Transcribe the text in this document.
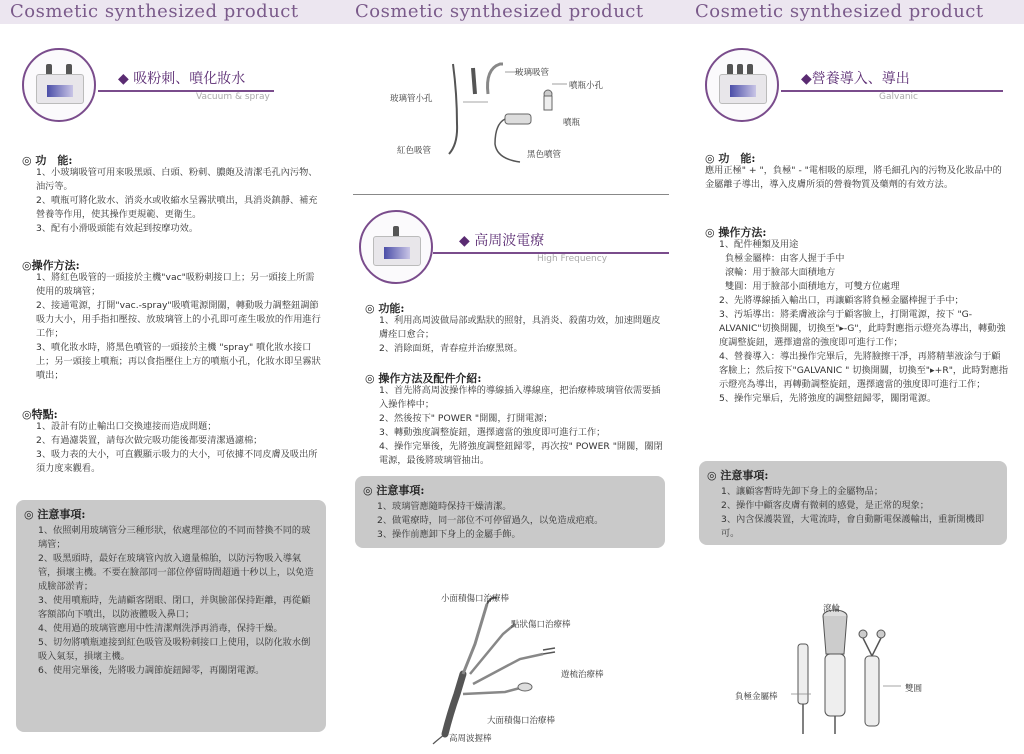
Cosmetic synthesized product	Cosmetic synthesized product	Cosmetic synthesized product
◆ 吸粉刺、噴化妝水
Vacuum & spray
◎ 功　能:
1、小玻璃吸管可用來吸黑頭、白頭、粉刺、膿皰及清潔毛孔內污物、油污等。
2、噴瓶可將化妝水、消炎水或收縮水呈霧狀噴出，具消炎鎮靜、補充營養等作用，使其操作更規範、更衛生。
3、配有小滑吸頭能有效起到按摩功效。
◎操作方法:
1、將紅色吸管的一頭接於主機"vac"吸粉刺接口上；另一頭接上所需使用的玻璃管；
2、接通電源，打開"vac.-spray"吸噴電源開關，轉動吸力調整鈕調節吸力大小，用手指扣壓按、放玻璃管上的小孔即可產生吸放的作用進行工作；
3、噴化妝水時，將黑色噴管的一頭接於主機 "spray" 噴化妝水接口上；另一頭接上噴瓶；再以食指壓住上方的噴瓶小孔，化妝水即呈霧狀噴出；
◎特點:
1、設計有防止輸出口交換連接而造成問題；
2、有過濾裝置，請每次做完吸功能後都要清潔過濾棉；
3、吸力表的大小，可直觀顯示吸力的大小，可依據不同皮膚及吸出所須力度來觀看。
◎ 注意事項:
1、依照刺用玻璃管分三種形狀，依處理部位的不同而替換不同的玻璃管；
2、吸黑頭時，最好在玻璃管內放入適量棉胎，以防污物吸入導氣管，損壞主機。不要在臉部同一部位停留時間超過十秒以上，以免造成臉部淤青；
3、使用噴瓶時，先請顧客閉眼、閉口，并與臉部保持距離，再從顧客額部向下噴出，以防液體吸入鼻口；
4、使用過的玻璃管應用中性清潔劑洗淨再消毒，保持干燥。
5、切勿將噴瓶連接到紅色吸管及吸粉刺接口上使用，以防化妝水倒吸入氣泵，損壞主機。
6、使用完畢後，先將吸力調節旋鈕歸零，再關閉電源。
玻璃吸管
玻璃管小孔
噴瓶小孔
噴瓶
紅色吸管	黑色噴管
◆ 高周波電療
High Frequency
◎ 功能:
1、利用高周波做局部或點狀的照射，具消炎、殺菌功效，加速問題皮膚痊口愈合；
2、消除面斑，青春痘并治療黑斑。
◎ 操作方法及配件介紹:
1、首先將高周波操作棒的導線插入導線座，把治療棒玻璃管依需要插入操作棒中；
2、然後按下" POWER "開關，打開電源；
3、轉動強度調整旋鈕，選擇適當的強度即可進行工作；
4、操作完畢後，先將強度調整鈕歸零，再次按" POWER "開關，關閉電源，最後將玻璃管抽出。
◎ 注意事項:
1、玻璃管應隨時保持干燥清潔。
2、做電療時，同一部位不可停留過久，以免造成疤痕。
3、操作前應卸下身上的金屬手飾。
小面積傷口治療棒
點狀傷口治療棒
遊梳治療棒
大面積傷口治療棒
高周波握棒
◆營養導入、導出
Galvanic
◎ 功　能:
應用正極" + "，負極" - "電相吸的原理，將毛細孔內的污物及化妝品中的金屬離子導出，導入皮膚所須的營養物質及藥劑的有效方法。
◎ 操作方法:
1、配件種類及用途
負極金屬棒：由客人握于手中
滾輪：用于臉部大面積地方
雙圓：用于臉部小面積地方，可雙方位處理
2、先將導線插入輸出口，再讓顧客將負極金屬棒握于手中；
3、汚垢導出：將柔膚液涂勻于顧客臉上，打開電源，按下 "G-ALVANIC"切換開關，切換至"▸-G"，此時對應指示燈亮為導出，轉動強度調整旋鈕，選擇適當的強度即可進行工作；
4、營養導入：導出操作完畢后，先將臉擦干凈，再將精華液涂勻于顧客臉上；然后按下"GALVANIC " 切換開關，切換至"▸+R"，此時對應指示燈亮為導出，再轉動調整旋鈕，選擇適當的強度即可進行工作；
5、操作完畢后，先將強度的調整鈕歸零，關閉電源。
◎ 注意事項:
1、讓顧客暫時先卸下身上的金屬物品；
2、操作中顧客皮膚有微刺的感覺，是正常的現象；
3、內含保護裝置，大電流時，會自動斷電保護輸出，重新開機即可。
滾輪
負極金屬棒
雙圓
